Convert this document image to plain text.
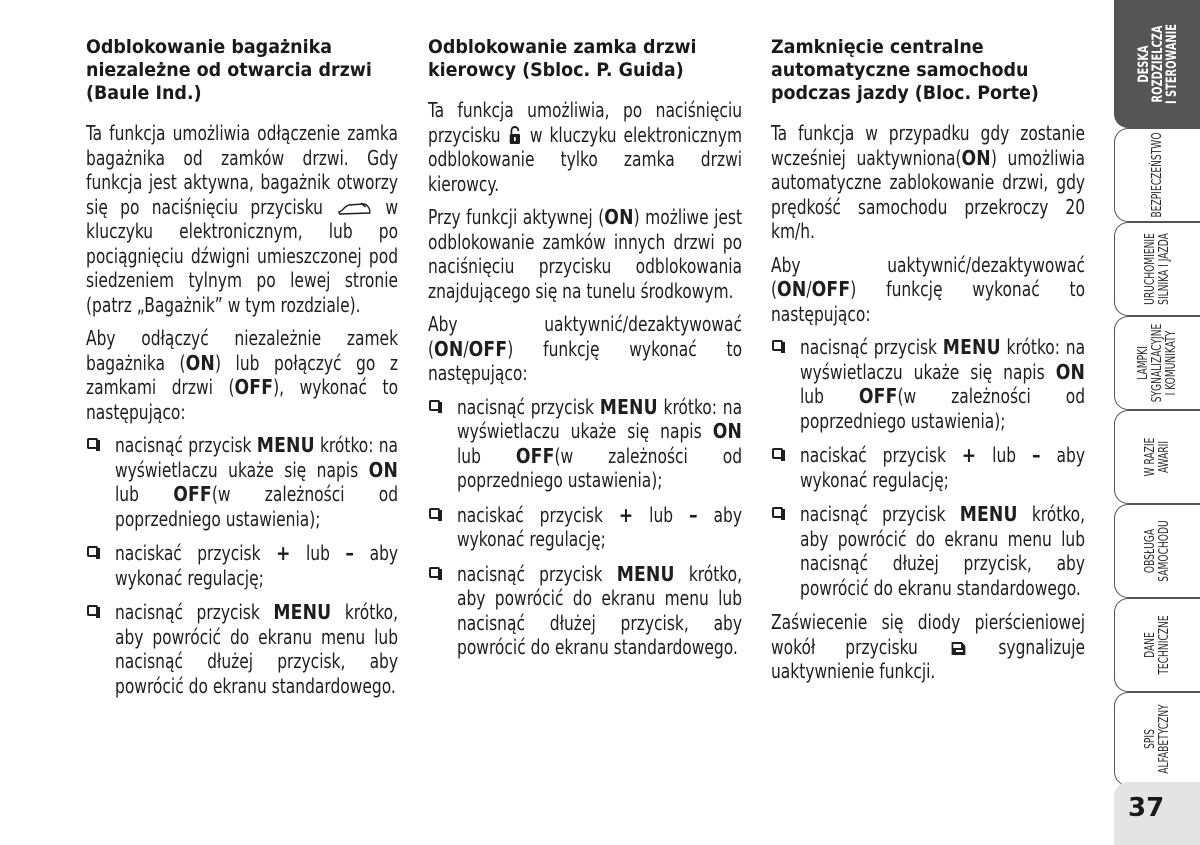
Odblokowanie bagażnika niezależne od otwarcia drzwi (Baule Ind.)

Ta funkcja umożliwia odłączenie zamka bagażnika od zamków drzwi. Gdy funkcja jest aktywna, bagażnik otworzy się po naciśnięciu przycisku	w kluczyku elektronicznym, lub po pociągnięciu dźwigni umieszczonej pod siedzeniem tylnym po lewej stronie (patrz „Bagażnik” w tym rozdziale).

Aby odłączyć niezależnie zamek bagażnika (ON) lub połączyć go z zamkami drzwi (OFF), wykonać to następująco:

nacisnąć przycisk MENU krótko: na wyświetlaczu ukaże się napis ON lub OFF(w zależności od poprzedniego ustawienia);
naciskać przycisk + lub – aby wykonać regulację;
nacisnąć przycisk MENU krótko, aby powrócić do ekranu menu lub nacisnąć dłużej przycisk, aby powrócić do ekranu standardowego.
Odblokowanie zamka drzwi kierowcy (Sbloc. P. Guida)

Ta funkcja umożliwia, po naciśnięciu przycisku w kluczyku elektronicznym odblokowanie tylko zamka drzwi kierowcy.

Przy funkcji aktywnej (ON) możliwe jest odblokowanie zamków innych drzwi po naciśnięciu przycisku odblokowania znajdującego się na tunelu środkowym.

Aby uaktywnić/dezaktywować (ON/OFF) funkcję wykonać to następująco:

nacisnąć przycisk MENU krótko: na wyświetlaczu ukaże się napis ON lub OFF(w zależności od poprzedniego ustawienia);
naciskać przycisk + lub – aby wykonać regulację;
nacisnąć przycisk MENU krótko, aby powrócić do ekranu menu lub nacisnąć dłużej przycisk, aby powrócić do ekranu standardowego.
Zamknięcie centralne automatyczne samochodu podczas jazdy (Bloc. Porte)

Ta funkcja w przypadku gdy zostanie wcześniej uaktywniona(ON) umożliwia automatyczne zablokowanie drzwi, gdy prędkość samochodu przekroczy 20 km/h.

Aby uaktywnić/dezaktywować (ON/OFF) funkcję wykonać to następująco:

nacisnąć przycisk MENU krótko: na wyświetlaczu ukaże się napis ON lub OFF(w zależności od poprzedniego ustawienia);
naciskać przycisk + lub – aby wykonać regulację;
nacisnąć przycisk MENU krótko, aby powrócić do ekranu menu lub nacisnąć dłużej przycisk, aby powrócić do ekranu standardowego.

Zaświecenie się diody pierścieniowej wokół przycisku	sygnalizuje uaktywnienie funkcji.

DESKA
ROZDZIELCZA
I STEROWANIE
BEZPIECZEŃSTWO
URUCHOMIENIE
SILNIKA I JAZDA
LAMPKI
SYGNALIZACYJNE
I KOMUNIKATY
W RAZIE
AWARII
OBSŁUGA
SAMOCHODU
DANE
TECHNICZNE
SPIS
ALFABETYCZNY
37
